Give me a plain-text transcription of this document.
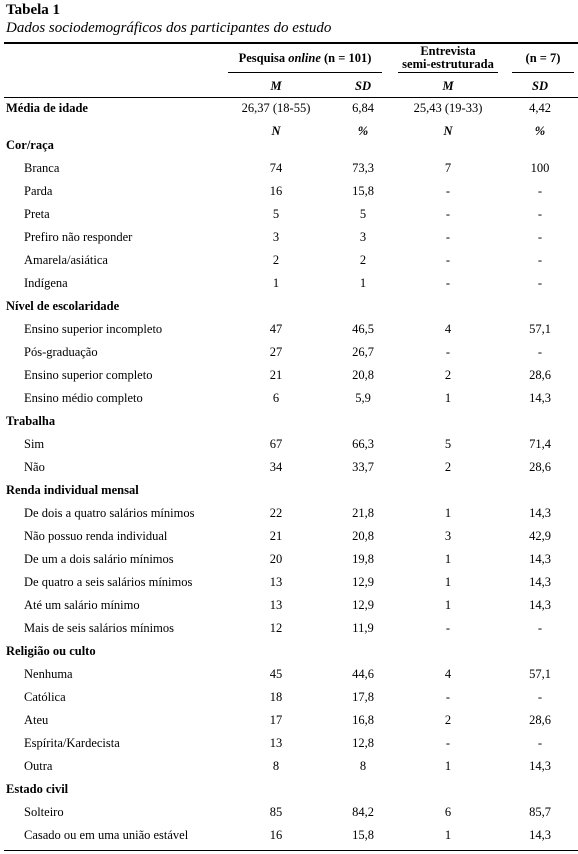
Tabela 1
Dados sociodemográficos dos participantes do estudo
Pesquisa online (n = 101)	Entrevista
semi-estruturada	(n = 7)
M	SD	M	SD
Média de idade	26,37 (18-55)	6,84	25,43 (19-33)	4,42
N	%	N	%
Cor/raça
Branca	74	73,3	7	100
Parda	16	15,8	-	-
Preta	5	5	-	-
Prefiro não responder	3	3	-	-
Amarela/asiática	2	2	-	-
Indígena	1	1	-	-
Nível de escolaridade
Ensino superior incompleto	47	46,5	4	57,1
Pós-graduação	27	26,7	-	-
Ensino superior completo	21	20,8	2	28,6
Ensino médio completo	6	5,9	1	14,3
Trabalha
Sim	67	66,3	5	71,4
Não	34	33,7	2	28,6
Renda individual mensal
De dois a quatro salários mínimos	22	21,8	1	14,3
Não possuo renda individual	21	20,8	3	42,9
De um a dois salário mínimos	20	19,8	1	14,3
De quatro a seis salários mínimos	13	12,9	1	14,3
Até um salário mínimo	13	12,9	1	14,3
Mais de seis salários mínimos	12	11,9	-	-
Religião ou culto
Nenhuma	45	44,6	4	57,1
Católica	18	17,8	-	-
Ateu	17	16,8	2	28,6
Espírita/Kardecista	13	12,8	-	-
Outra	8	8	1	14,3
Estado civil
Solteiro	85	84,2	6	85,7
Casado ou em uma união estável	16	15,8	1	14,3
